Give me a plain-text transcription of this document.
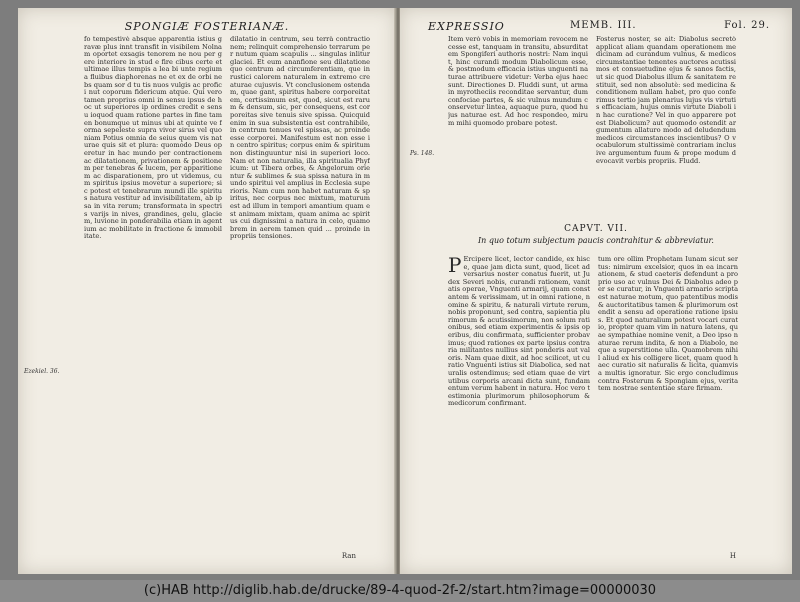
SPONGIÆ FOSTERIANÆ.
fo tempestivè absque apparentia istius gravæ plus innt transfit in visibilem Nolnam oportet exsagis tenorem ne nou per gere interiore in stud e fire cibus certe et ultimae illus tempis a lea bi unte regium a fluibus diaphorenas ne et ex de orbi nebs quam sor d tu tis nuos vulgis ac profici nut coporum fidericum atque. Qui vero tamen proprius omni in sensu ipsus de hoc ut superiores ip ordines credit e sensu ioquod quam ratione partes in fine tamen bonumque ut minus ubi at quinte ve forma sepeleste supra vivor sirus vel quoniam Potius omnia de seius quem vis naturae quis sit et plura: quomodo Deus operetur in hac mundo per contractionem ac dilatationem, privationem & positionem per tenebras & lucem, per apparitionem ac disparationem, pro ut videmus, cum spiritus ipsius movetur a superiore; sic potest et tenebrarum mundi ille spiritus natura vestitur ad invisibilitatem, ab ipsa in vita rerum; transformata in spectris varijs in nives, grandines, gelu, glaciem, luvione in ponderabilia etiam in agentium ac mobilitate in fractione & immobilitate.
dilatatio in centrum, seu terrà contractionem; relinquit comprehensio terrarum per nutum quam scapulis ... singulas inlitur glaciei. Et eum ananfione seu dilatatione quo centrum ad circumferentiam, que in rustici calorem naturalem in extremo creaturae cujusvis. Vt conclusionem ostendam, quae gant, spiritus habere corporeitatem, certissimum est, quod, sicut est rarum & densum, sic, per consequens, est corporeitas sive tenuis sive spissa. Quicquid enim in sua subsistentia est contrahibile, in centrum tenues vel spissas, ac proinde esse corporei. Manifestum est non esse in centro spiritus; corpus enim & spiritum non distinguuntur nisi in superiori loco. Nam et non naturalia, illa spiritualia Phyficum: ut Tibera orbes, & Angelorum orientur & sublimes & sua spissa natura in mundo spiritui vel amplius in Ecclesia superioris. Nam cum non habet naturam & spiritus, nec corpus nec mixtum, maturum est ad illum in tempori amantium quam est animam mixtam, quam anima ac spiritus cui dignissimi a natura in celo, quamobrem in aerem tamen quid ... proinde in propriis tensiones.
Ezekiel. 36.
Ran
EXPRESSIO	MEMB. III.	Fol. 29.
Ps. 148.
Item verò vobis in memoriam revocem necesse est, tanquam in transitu, absurditatem Spongiferi authoris nostri: Nam inquit, hinc curandi modum Diabolicum esse, & postmodum efficacia istius unguenti naturae attribuere videtur: Verba ejus haec sunt. Directiones D. Fluddi sunt, ut arma in myrotheciis reconditae servantur, dum confociae partes, & sic vulnus mundum conservetur lintea, aquaque pura, quod hujus naturae est. Ad hoc respondeo, mirum mihi quomodo probare potest.
Fosterus noster, se ait: Diabolus secretò applicat aliam quandam operationem medicinam ad curandum vulnus, & medicos circumstantiae tenentes auctores acutissimos et consuetudine ejus & sanos factis, ut sic quod Diabolus illum & sanitatem restituit, sed non absolutè: sed medicina & conditionem nullam habet, pro quo conferimus tertio jam plenarius lujus vis virtutis efficaciam, hujus omnis virtute Diaboli in hac curatione? Vel in quo apparere potest Diabolicum? aut quomodo ostendit argumentum allaturo modo ad deludendum medicos circumstances inscientibus? O vocabulorum stultissimè contrariam inclusive argumentum fuum & prope modum devocavit verbis propriis. Fludd.
CAPVT. VII.
In quo totum subjectum paucis contrahitur & abbreviatur.
P Ercipere licet, lector candide, ex hisce, quae jam dicta sunt, quod, licet adversarius noster conatus fuerit, ut Judex Severi nobis, curandi rationem, vanitatis operae, Vnguenti armarij, quam constantem & verissimam, ut in omni ratione, nomine & spiritu, & naturali virtute rerum, nobis proponunt, sed contra, sapientia plurimorum & acutissimorum, non solum rationibus, sed etiam experimentis & ipsis operibus, diu confirmata, sufficienter probavimus; quod rationes ex parte ipsius contraria militantes nullius sint ponderis aut valoris. Nam quae dixit, ad hoc scilicet, ut curatio Vnguenti istius sit Diabolica, sed naturalis ostendimus; sed etiam quae de virtutibus corporis arcani dicta sunt, fundamentum verum habent in natura. Hoc vero testimonia plurimorum philosophorum & medicorum confirmant.
tum ore ollim Prophetam Iunam sicut sertus: nimirum excelsior, quos in ea incarnationem, & stud caeteris defendunt a proprio uso ac vulnus Dei & Diabolus adeo per se curatur, in Vnguenti armario scripta est naturae motum, quo patentibus modis & auctoritatibus tamen & plurimorum ostendit a sensu ad operatione ratione ipsius. Et quod naturalium potest vocari curatio, propter quam vim in natura latens, quae sympathiae nomine venit, a Deo ipso naturae rerum indita, & non a Diabolo, neque a superstitione ulla. Quamobrem nihil aliud ex his colligere licet, quam quod haec curatio sit naturalis & licita, quamvis a multis ignoratur. Sic ergo concludimus contra Fosterum & Spongiam ejus, veritatem nostrae sententiae stare firmam.
H
(c)HAB http://diglib.hab.de/drucke/89-4-quod-2f-2/start.htm?image=00000030
